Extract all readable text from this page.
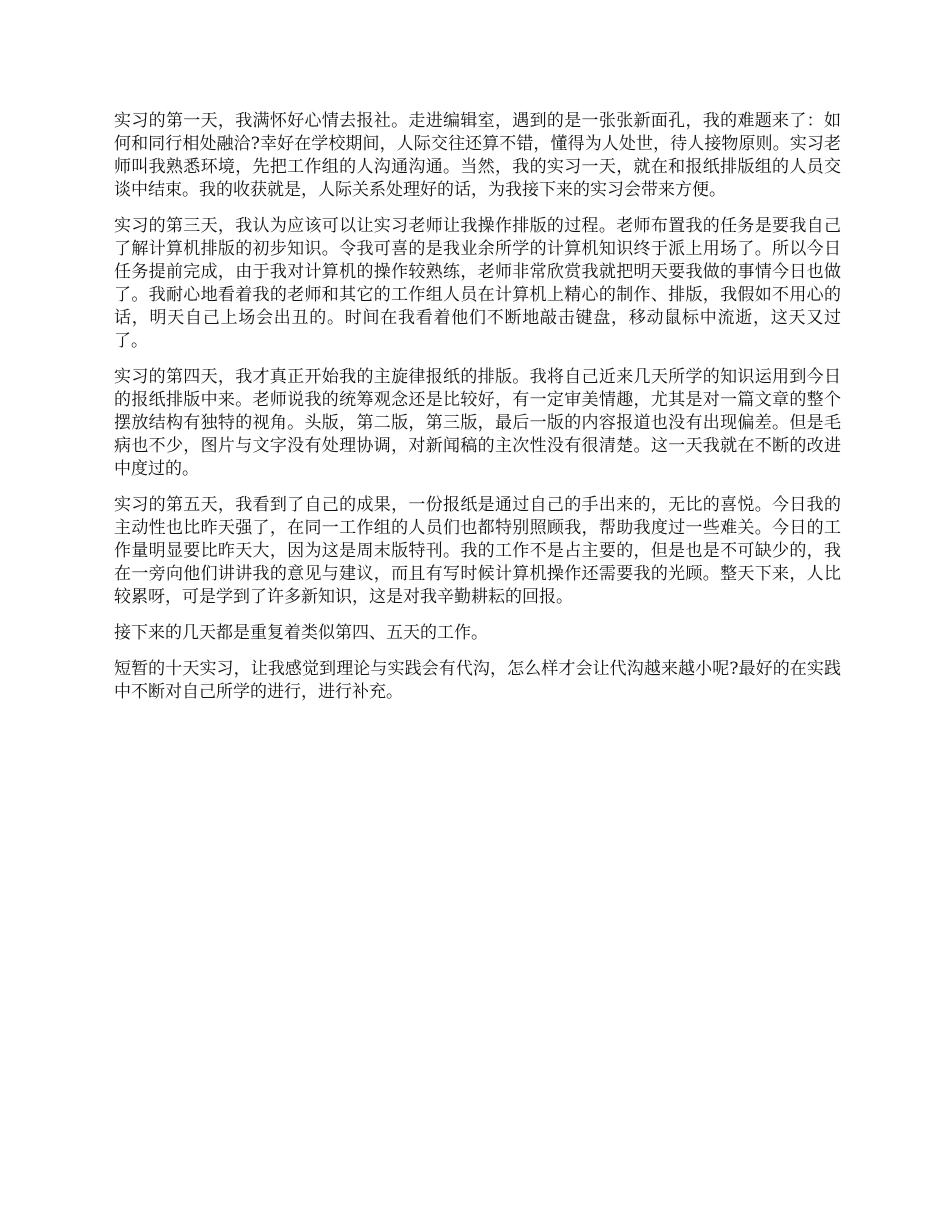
实习的第一天，我满怀好心情去报社。走进编辑室，遇到的是一张张新面孔，我的难题来了：如何和同行相处融洽?幸好在学校期间，人际交往还算不错，懂得为人处世，待人接物原则。实习老师叫我熟悉环境，先把工作组的人沟通沟通。当然，我的实习一天，就在和报纸排版组的人员交谈中结束。我的收获就是，人际关系处理好的话，为我接下来的实习会带来方便。

实习的第三天，我认为应该可以让实习老师让我操作排版的过程。老师布置我的任务是要我自己了解计算机排版的初步知识。令我可喜的是我业余所学的计算机知识终于派上用场了。所以今日任务提前完成，由于我对计算机的操作较熟练，老师非常欣赏我就把明天要我做的事情今日也做了。我耐心地看着我的老师和其它的工作组人员在计算机上精心的制作、排版，我假如不用心的话，明天自己上场会出丑的。时间在我看着他们不断地敲击键盘，移动鼠标中流逝，这天又过了。

实习的第四天，我才真正开始我的主旋律报纸的排版。我将自己近来几天所学的知识运用到今日的报纸排版中来。老师说我的统筹观念还是比较好，有一定审美情趣，尤其是对一篇文章的整个摆放结构有独特的视角。头版，第二版，第三版，最后一版的内容报道也没有出现偏差。但是毛病也不少，图片与文字没有处理协调，对新闻稿的主次性没有很清楚。这一天我就在不断的改进中度过的。

实习的第五天，我看到了自己的成果，一份报纸是通过自己的手出来的，无比的喜悦。今日我的主动性也比昨天强了，在同一工作组的人员们也都特别照顾我，帮助我度过一些难关。今日的工作量明显要比昨天大，因为这是周末版特刊。我的工作不是占主要的，但是也是不可缺少的，我在一旁向他们讲讲我的意见与建议，而且有写时候计算机操作还需要我的光顾。整天下来，人比较累呀，可是学到了许多新知识，这是对我辛勤耕耘的回报。

接下来的几天都是重复着类似第四、五天的工作。

短暂的十天实习，让我感觉到理论与实践会有代沟，怎么样才会让代沟越来越小呢?最好的在实践中不断对自己所学的进行，进行补充。
